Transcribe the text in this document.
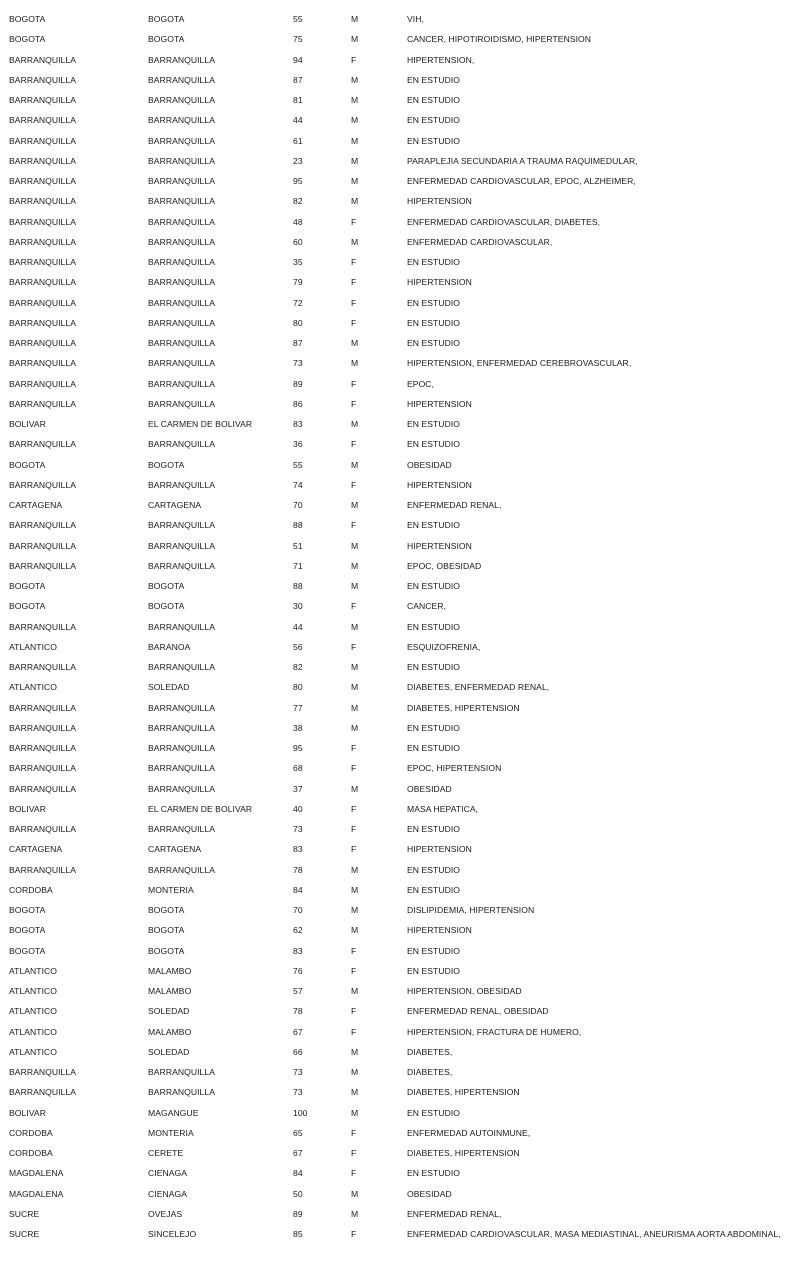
BOGOTA	BOGOTA	55	M	VIH,
BOGOTA	BOGOTA	75	M	CANCER, HIPOTIROIDISMO, HIPERTENSION
BARRANQUILLA	BARRANQUILLA	94	F	HIPERTENSION,
BARRANQUILLA	BARRANQUILLA	87	M	EN ESTUDIO
BARRANQUILLA	BARRANQUILLA	81	M	EN ESTUDIO
BARRANQUILLA	BARRANQUILLA	44	M	EN ESTUDIO
BARRANQUILLA	BARRANQUILLA	61	M	EN ESTUDIO
BARRANQUILLA	BARRANQUILLA	23	M	PARAPLEJIA SECUNDARIA A TRAUMA RAQUIMEDULAR,
BARRANQUILLA	BARRANQUILLA	95	M	ENFERMEDAD CARDIOVASCULAR, EPOC, ALZHEIMER,
BARRANQUILLA	BARRANQUILLA	82	M	HIPERTENSION
BARRANQUILLA	BARRANQUILLA	48	F	ENFERMEDAD CARDIOVASCULAR, DIABETES,
BARRANQUILLA	BARRANQUILLA	60	M	ENFERMEDAD CARDIOVASCULAR,
BARRANQUILLA	BARRANQUILLA	35	F	EN ESTUDIO
BARRANQUILLA	BARRANQUILLA	79	F	HIPERTENSION
BARRANQUILLA	BARRANQUILLA	72	F	EN ESTUDIO
BARRANQUILLA	BARRANQUILLA	80	F	EN ESTUDIO
BARRANQUILLA	BARRANQUILLA	87	M	EN ESTUDIO
BARRANQUILLA	BARRANQUILLA	73	M	HIPERTENSION, ENFERMEDAD CEREBROVASCULAR,
BARRANQUILLA	BARRANQUILLA	89	F	EPOC,
BARRANQUILLA	BARRANQUILLA	86	F	HIPERTENSION
BOLIVAR	EL CARMEN DE BOLIVAR	83	M	EN ESTUDIO
BARRANQUILLA	BARRANQUILLA	36	F	EN ESTUDIO
BOGOTA	BOGOTA	55	M	OBESIDAD
BARRANQUILLA	BARRANQUILLA	74	F	HIPERTENSION
CARTAGENA	CARTAGENA	70	M	ENFERMEDAD RENAL,
BARRANQUILLA	BARRANQUILLA	88	F	EN ESTUDIO
BARRANQUILLA	BARRANQUILLA	51	M	HIPERTENSION
BARRANQUILLA	BARRANQUILLA	71	M	EPOC, OBESIDAD
BOGOTA	BOGOTA	88	M	EN ESTUDIO
BOGOTA	BOGOTA	30	F	CANCER,
BARRANQUILLA	BARRANQUILLA	44	M	EN ESTUDIO
ATLANTICO	BARANOA	56	F	ESQUIZOFRENIA,
BARRANQUILLA	BARRANQUILLA	82	M	EN ESTUDIO
ATLANTICO	SOLEDAD	80	M	DIABETES, ENFERMEDAD RENAL,
BARRANQUILLA	BARRANQUILLA	77	M	DIABETES, HIPERTENSION
BARRANQUILLA	BARRANQUILLA	38	M	EN ESTUDIO
BARRANQUILLA	BARRANQUILLA	95	F	EN ESTUDIO
BARRANQUILLA	BARRANQUILLA	68	F	EPOC, HIPERTENSION
BARRANQUILLA	BARRANQUILLA	37	M	OBESIDAD
BOLIVAR	EL CARMEN DE BOLIVAR	40	F	MASA HEPATICA,
BARRANQUILLA	BARRANQUILLA	73	F	EN ESTUDIO
CARTAGENA	CARTAGENA	83	F	HIPERTENSION
BARRANQUILLA	BARRANQUILLA	78	M	EN ESTUDIO
CORDOBA	MONTERIA	84	M	EN ESTUDIO
BOGOTA	BOGOTA	70	M	DISLIPIDEMIA, HIPERTENSION
BOGOTA	BOGOTA	62	M	HIPERTENSION
BOGOTA	BOGOTA	83	F	EN ESTUDIO
ATLANTICO	MALAMBO	76	F	EN ESTUDIO
ATLANTICO	MALAMBO	57	M	HIPERTENSION, OBESIDAD
ATLANTICO	SOLEDAD	78	F	ENFERMEDAD RENAL, OBESIDAD
ATLANTICO	MALAMBO	67	F	HIPERTENSION, FRACTURA DE HUMERO,
ATLANTICO	SOLEDAD	66	M	DIABETES,
BARRANQUILLA	BARRANQUILLA	73	M	DIABETES,
BARRANQUILLA	BARRANQUILLA	73	M	DIABETES, HIPERTENSION
BOLIVAR	MAGANGUE	100	M	EN ESTUDIO
CORDOBA	MONTERIA	65	F	ENFERMEDAD AUTOINMUNE,
CORDOBA	CERETE	67	F	DIABETES, HIPERTENSION
MAGDALENA	CIENAGA	84	F	EN ESTUDIO
MAGDALENA	CIENAGA	50	M	OBESIDAD
SUCRE	OVEJAS	89	M	ENFERMEDAD RENAL,
SUCRE	SINCELEJO	85	F	ENFERMEDAD CARDIOVASCULAR, MASA MEDIASTINAL, ANEURISMA AORTA ABDOMINAL,
